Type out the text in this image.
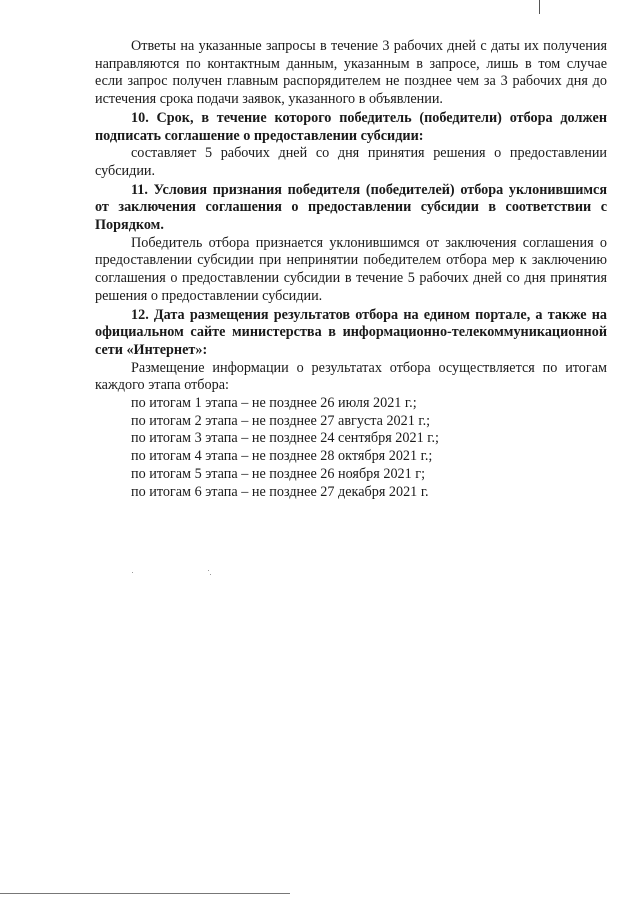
Ответы на указанные запросы в течение 3 рабочих дней с даты их получения направляются по контактным данным, указанным в запросе, лишь в том случае если запрос получен главным распорядителем не позднее чем за 3 рабочих дня до истечения срока подачи заявок, указанного в объявлении.

10. Срок, в течение которого победитель (победители) отбора должен подписать соглашение о предоставлении субсидии:

составляет 5 рабочих дней со дня принятия решения о предоставлении субсидии.

11. Условия признания победителя (победителей) отбора уклонившимся от заключения соглашения о предоставлении субсидии в соответствии с Порядком.

Победитель отбора признается уклонившимся от заключения соглашения о предоставлении субсидии при непринятии победителем отбора мер к заключению соглашения о предоставлении субсидии в течение 5 рабочих дней со дня принятия решения о предоставлении субсидии.

12. Дата размещения результатов отбора на едином портале, а также на официальном сайте министерства в информационно-телекоммуникационной сети «Интернет»:

Размещение информации о результатах отбора осуществляется по итогам каждого этапа отбора:

по итогам 1 этапа – не позднее 26 июля 2021 г.;

по итогам 2 этапа – не позднее 27 августа 2021 г.;

по итогам 3 этапа – не позднее 24 сентября 2021 г.;

по итогам 4 этапа – не позднее 28 октября 2021 г.;

по итогам 5 этапа – не позднее 26 ноября 2021 г;

по итогам 6 этапа – не позднее 27 декабря 2021 г.
